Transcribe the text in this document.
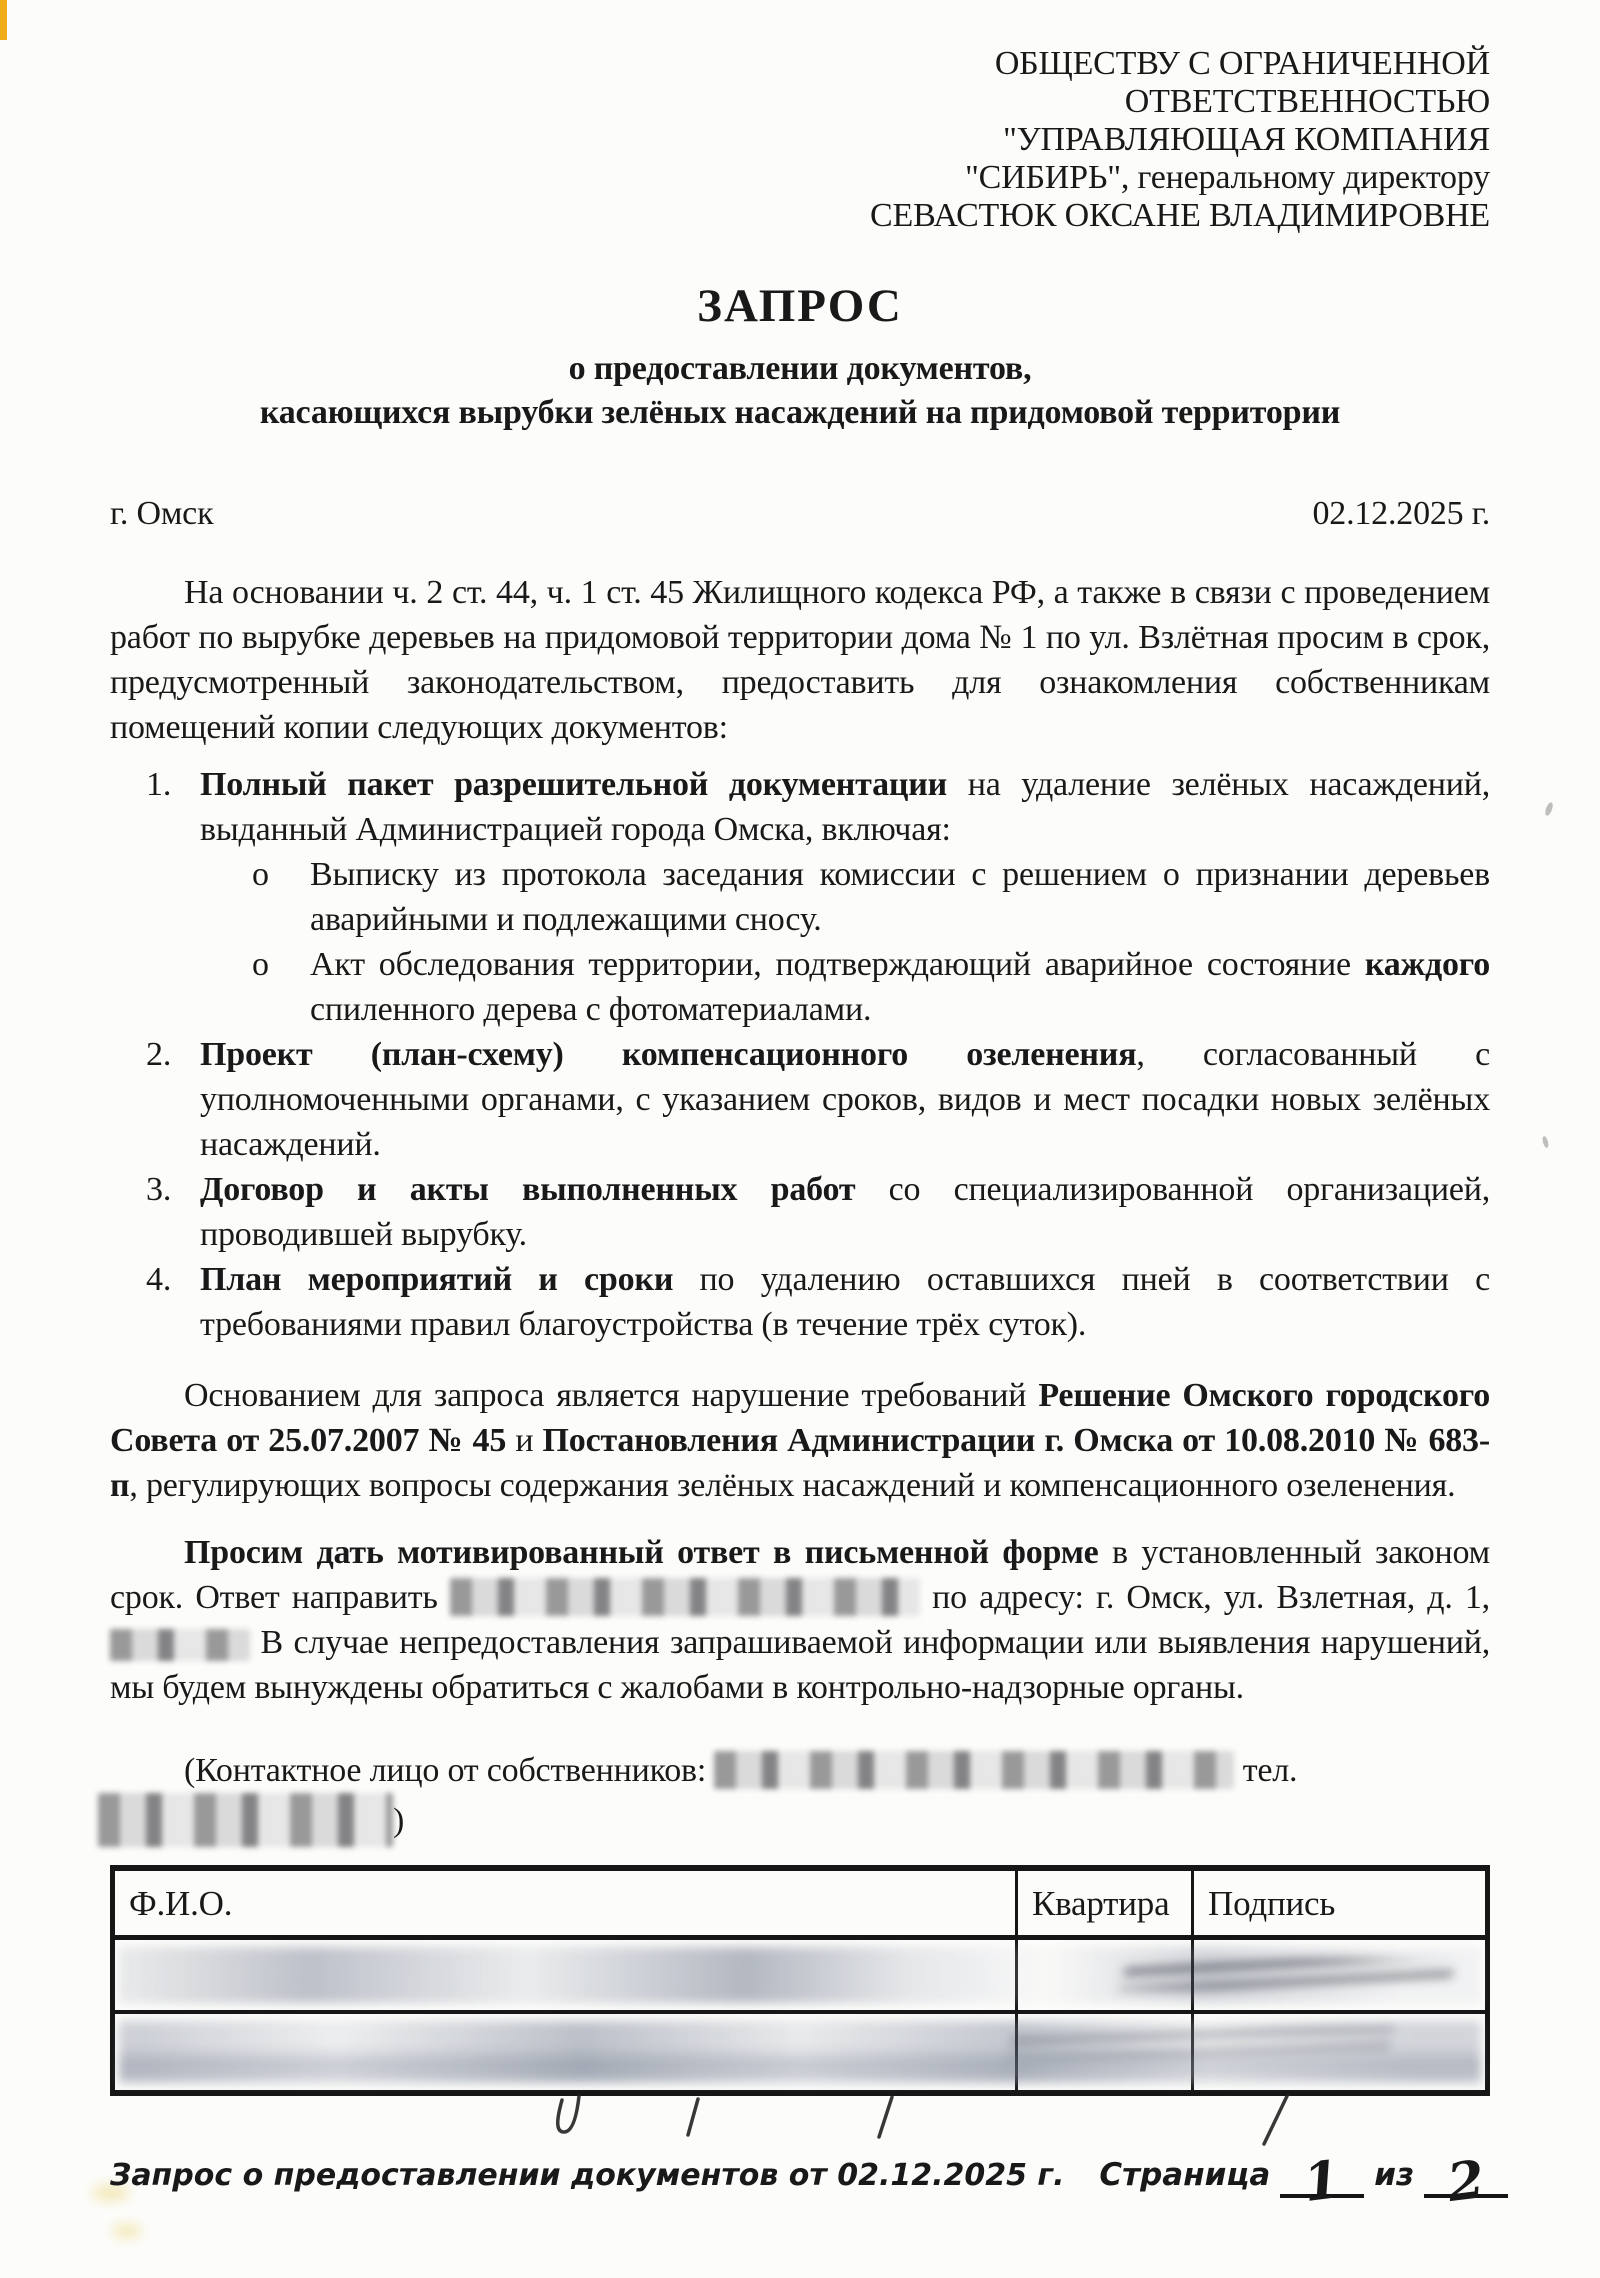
ОБЩЕСТВУ С ОГРАНИЧЕННОЙ
ОТВЕТСТВЕННОСТЬЮ
"УПРАВЛЯЮЩАЯ КОМПАНИЯ
"СИБИРЬ", генеральному директору
СЕВАСТЮК ОКСАНЕ ВЛАДИМИРОВНЕ
ЗАПРОС
о предоставлении документов,
касающихся вырубки зелёных насаждений на придомовой территории
г. Омск	02.12.2025 г.

На основании ч. 2 ст. 44, ч. 1 ст. 45 Жилищного кодекса РФ, а также в связи с проведением работ по вырубке деревьев на придомовой территории дома № 1 по ул. Взлётная просим в срок, предусмотренный законодательством, предоставить для ознакомления собственникам помещений копии следующих документов:

Полный пакет разрешительной документации на удаление зелёных насаждений, выданный Администрацией города Омска, включая:
o Выписку из протокола заседания комиссии с решением о признании деревьев аварийными и подлежащими сносу.
o Акт обследования территории, подтверждающий аварийное состояние каждого спиленного дерева с фотоматериалами.
Проект (план-схему) компенсационного озеленения, согласованный с уполномоченными органами, с указанием сроков, видов и мест посадки новых зелёных насаждений.
Договор и акты выполненных работ со специализированной организацией, проводившей вырубку.
План мероприятий и сроки по удалению оставшихся пней в соответствии с требованиями правил благоустройства (в течение трёх суток).

Основанием для запроса является нарушение требований Решение Омского городского Совета от 25.07.2007 № 45 и Постановления Администрации г. Омска от 10.08.2010 № 683-п, регулирующих вопросы содержания зелёных насаждений и компенсационного озеленения.

Просим дать мотивированный ответ в письменной форме в установленный законом срок. Ответ направить	по адресу: г. Омск, ул. Взлетная, д. 1,  В случае непредоставления запрашиваемой информации или выявления нарушений, мы будем вынуждены обратиться с жалобами в контрольно-надзорные органы.

(Контактное лицо от собственников:	тел.
)

Ф.И.О.	Квартира	Подпись
Запрос о предоставлении документов от 02.12.2025 г. Страница 1 из 2
